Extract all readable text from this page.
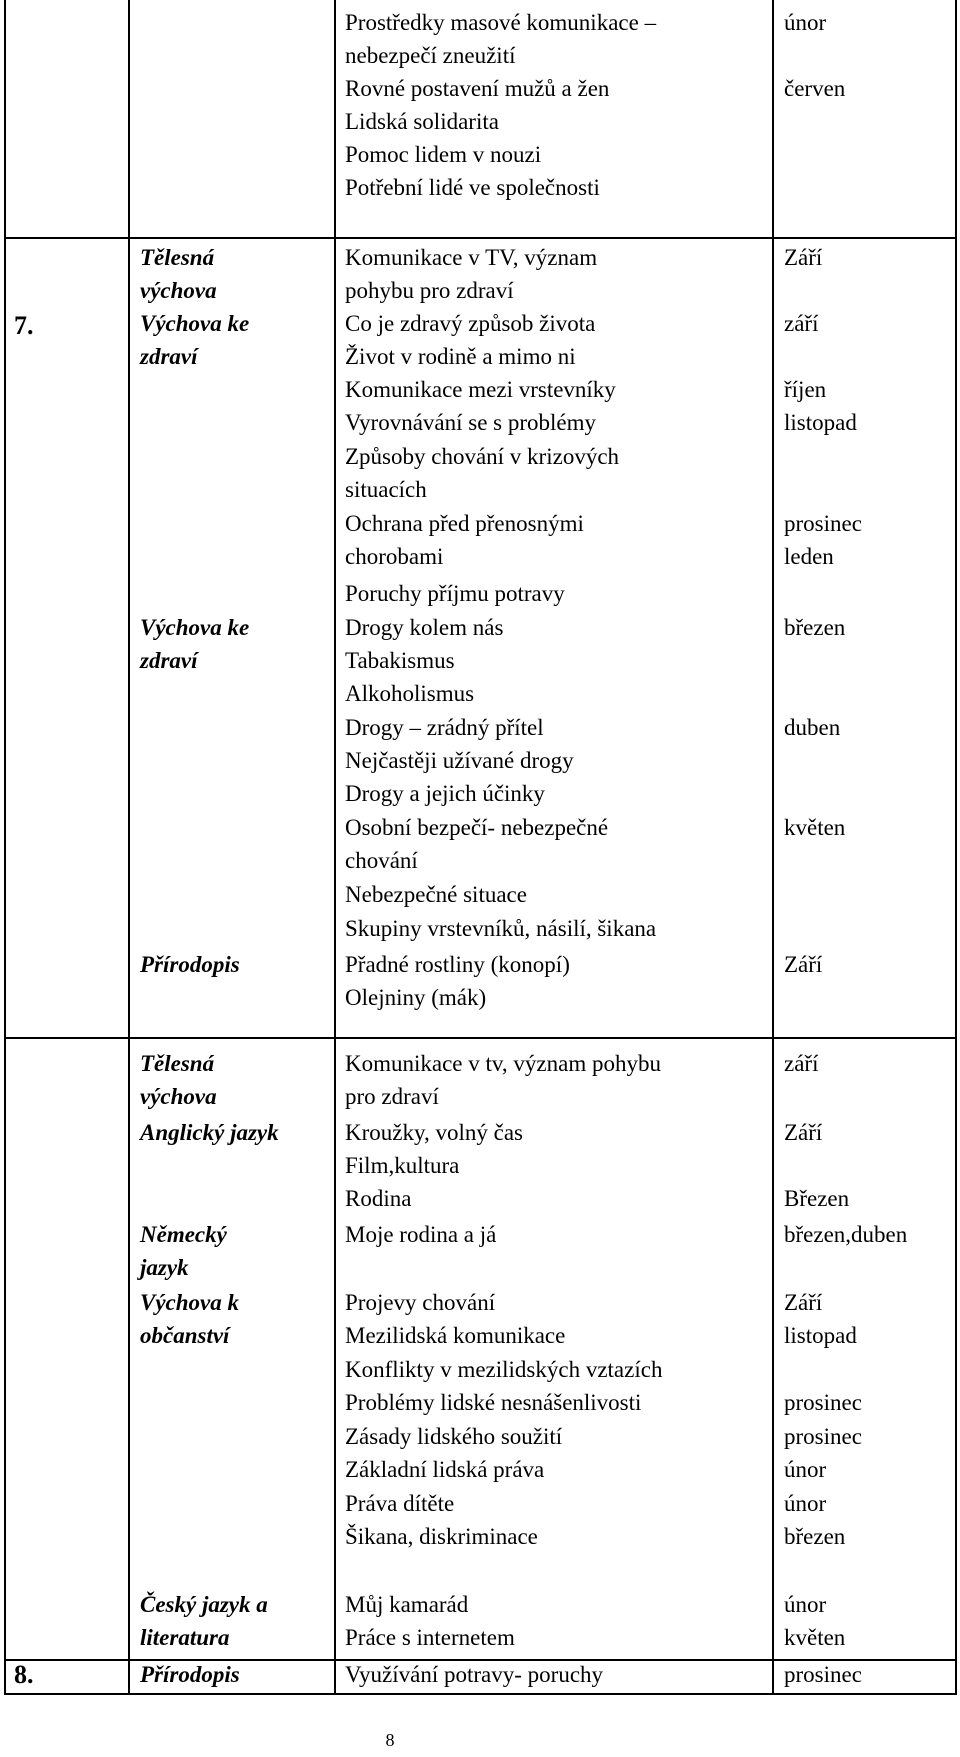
Prostředky masové komunikace –
nebezpečí zneužití
Rovné postavení mužů a žen
Lidská solidarita
Pomoc lidem v nouzi
Potřební lidé ve společnosti
únor
červen
7.
Tělesná
výchova
Výchova ke
zdraví
Výchova ke
zdraví
Přírodopis
Komunikace v TV, význam
pohybu pro zdraví
Co je zdravý způsob života
Život v rodině a mimo ni
Komunikace mezi vrstevníky
Vyrovnávání se s problémy
Způsoby chování v krizových
situacích
Ochrana před přenosnými
chorobami
Poruchy příjmu potravy
Drogy kolem nás
Tabakismus
Alkoholismus
Drogy – zrádný přítel
Nejčastěji užívané drogy
Drogy a jejich účinky
Osobní bezpečí- nebezpečné
chování
Nebezpečné situace
Skupiny vrstevníků, násilí, šikana
Přadné rostliny (konopí)
Olejniny (mák)
Září
září
říjen
listopad
prosinec
leden
březen
duben
květen
Září
Tělesná
výchova
Anglický jazyk
Německý
jazyk
Výchova k
občanství
Český jazyk a
literatura
8.	Přírodopis
Komunikace v tv, význam pohybu
pro zdraví
Kroužky, volný čas
Film,kultura
Rodina
Moje rodina a já
Projevy chování
Mezilidská komunikace
Konflikty v mezilidských vztazích
Problémy lidské nesnášenlivosti
Zásady lidského soužití
Základní lidská práva
Práva dítěte
Šikana, diskriminace
Můj kamarád
Práce s internetem
Využívání potravy- poruchy
září
Září
Březen
březen,duben
Září
listopad
prosinec
prosinec
únor
únor
březen
únor
květen
prosinec
8
